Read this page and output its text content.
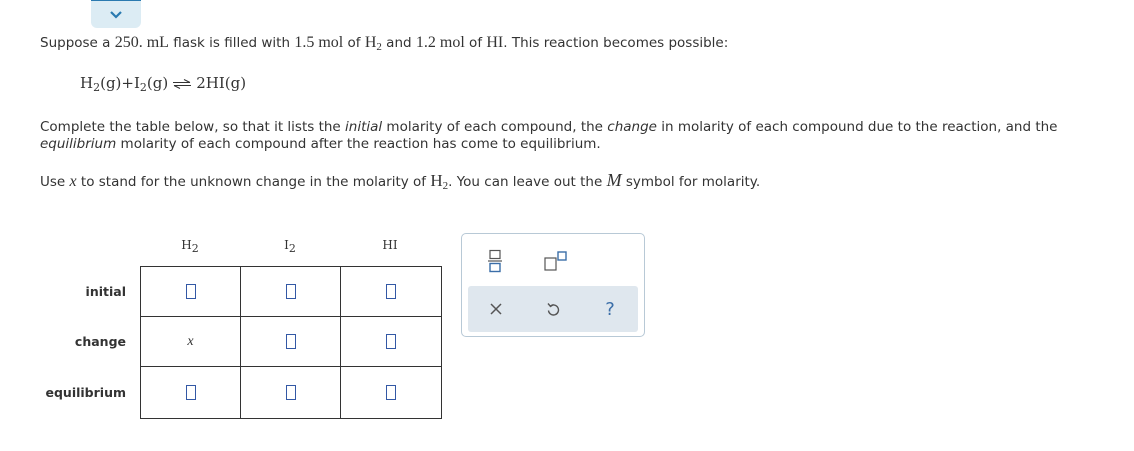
Suppose a 250. mL flask is filled with 1.5 mol of $H_2$ and 1.2 mol of HI. This reaction becomes possible:
$H_2(g)+I_2(g)$ ⇌ 2HI(g)
Complete the table below, so that it lists the initial molarity of each compound, the change in molarity of each compound due to the reaction, and the equilibrium molarity of each compound after the reaction has come to equilibrium.
Use x to stand for the unknown change in the molarity of $H_2$. You can leave out the M symbol for molarity.
$H_2$	$I_2$	HI
initial
change
equilibrium
x
?
